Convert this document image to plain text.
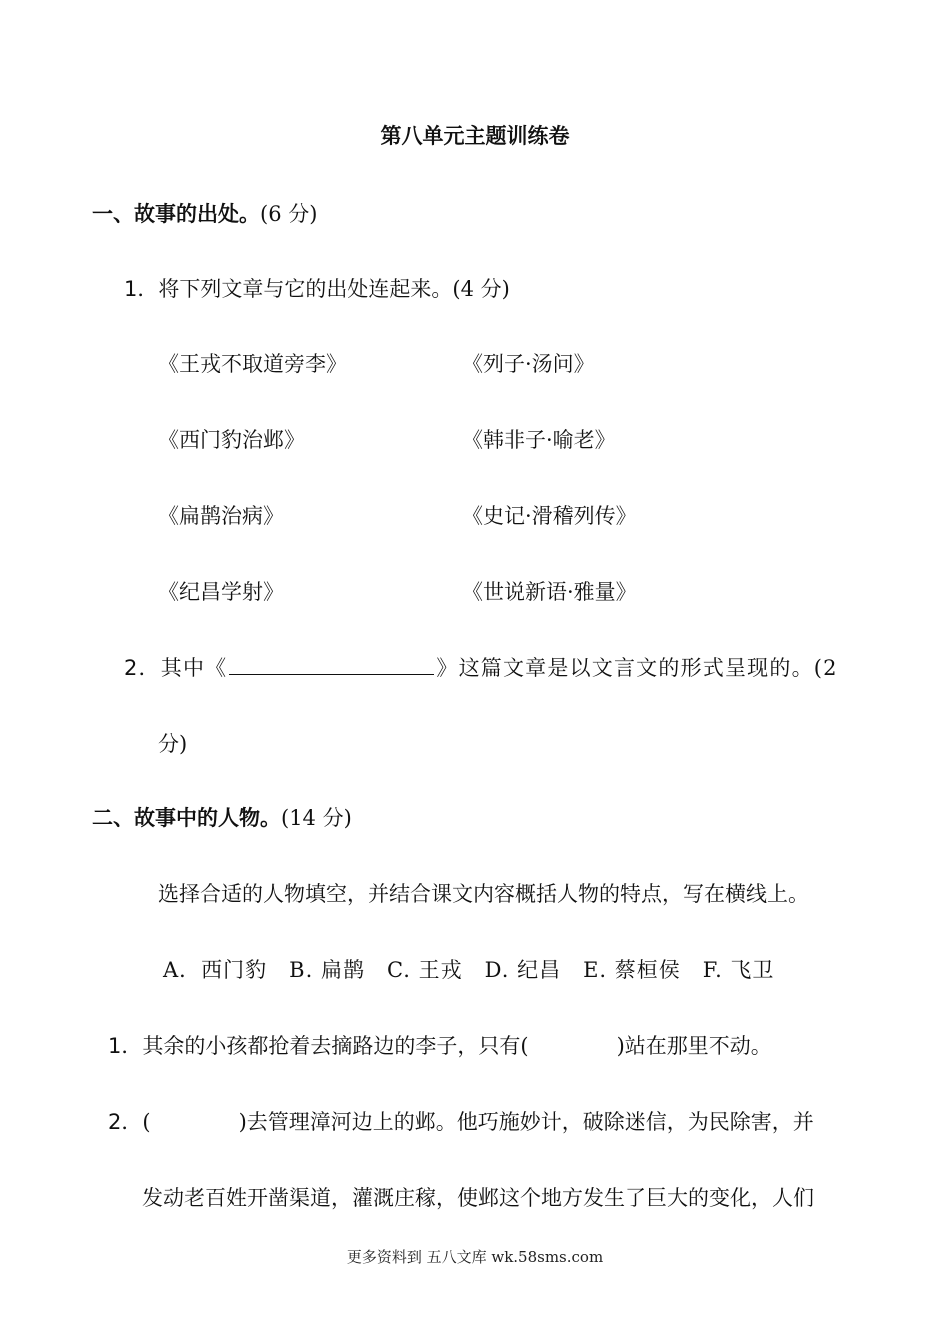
第八单元主题训练卷
一、故事的出处。(6 分)
1．将下列文章与它的出处连起来。(4 分)
《王戎不取道旁李》	《列子·汤问》
《西门豹治邺》	《韩非子·喻老》
《扁鹊治病》	《史记·滑稽列传》
《纪昌学射》	《世说新语·雅量》
2．其中《	》这篇文章是以文言文的形式呈现的。(2
分)
二、故事中的人物。(14 分)
选择合适的人物填空，并结合课文内容概括人物的特点，写在横线上。
A．西门豹 B. 扁鹊 C. 王戎 D. 纪昌 E. 蔡桓侯 F. 飞卫
1．其余的小孩都抢着去摘路边的李子，只有(	)站在那里不动。
2．(	)去管理漳河边上的邺。他巧施妙计，破除迷信，为民除害，并
发动老百姓开凿渠道，灌溉庄稼，使邺这个地方发生了巨大的变化，人们
更多资料到 五八文库 wk.58sms.com
